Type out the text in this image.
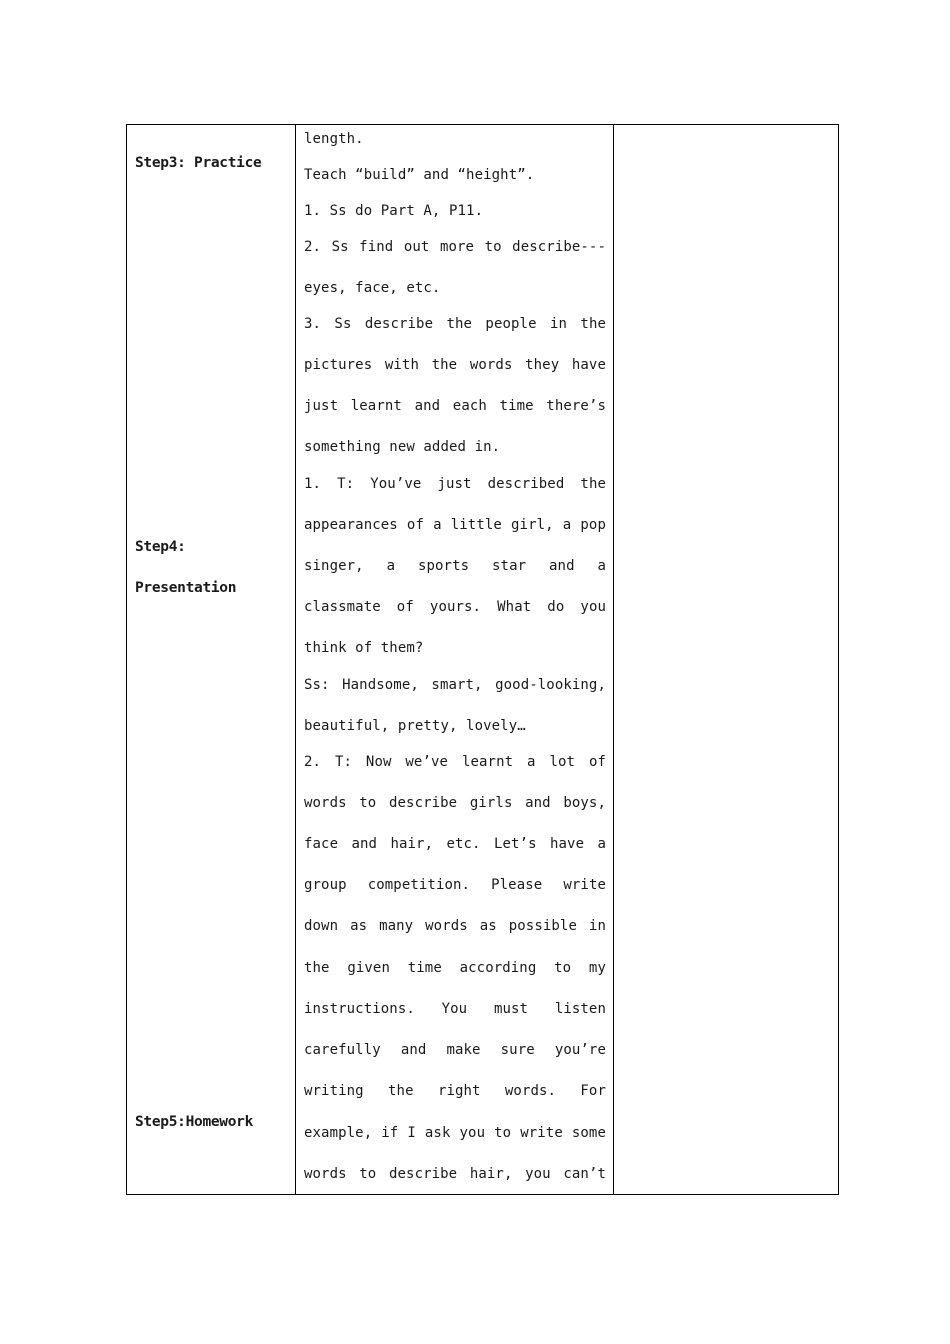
Step3: Practice
Step4:
Presentation
Step5:Homework
length.
Teach “build” and “height”.
1. Ss do Part A, P11.
2. Ss find out more to describe---
eyes, face, etc.
3. Ss describe the people in the
pictures with the words they have
just learnt and each time there’s
something new added in.
1. T: You’ve just described the
appearances of a little girl, a pop
singer, a sports star and a
classmate of yours. What do you
think of them?
Ss: Handsome, smart, good-looking,
beautiful, pretty, lovely…
2. T: Now we’ve learnt a lot of
words to describe girls and boys,
face and hair, etc. Let’s have a
group competition. Please write
down as many words as possible in
the given time according to my
instructions. You must listen
carefully and make sure you’re
writing the right words. For
example, if I ask you to write some
words to describe hair, you can’t
